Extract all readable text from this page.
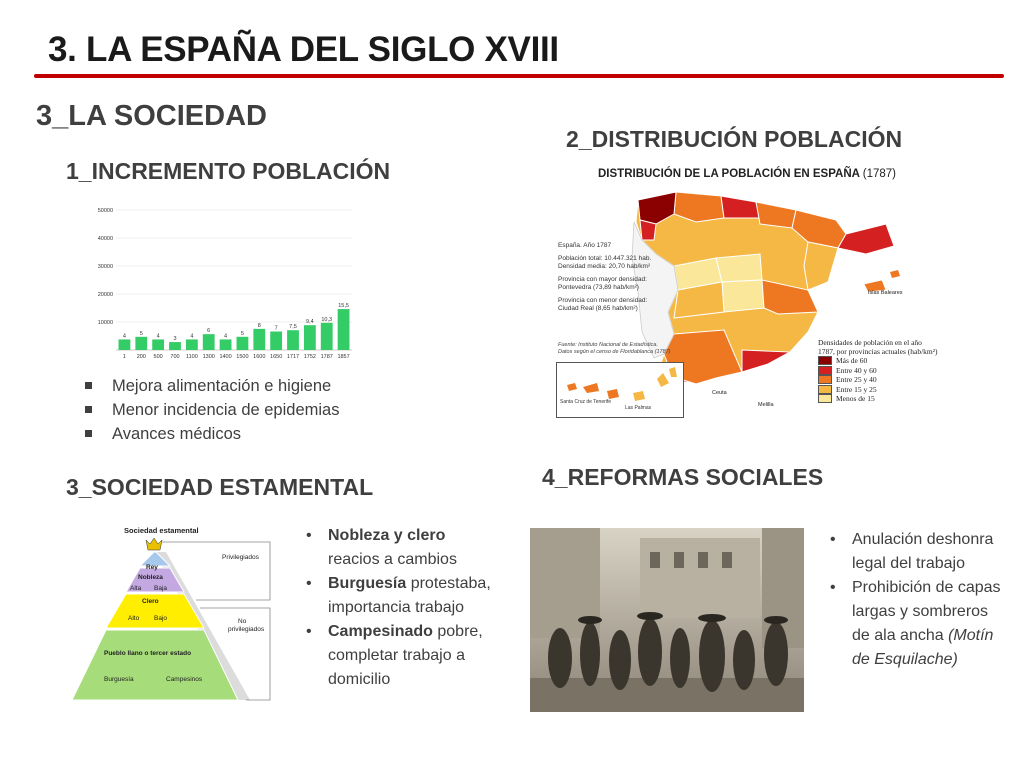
3. LA ESPAÑA DEL SIGLO XVIII
3_LA SOCIEDAD
1_INCREMENTO POBLACIÓN
2_DISTRIBUCIÓN POBLACIÓN
3_SOCIEDAD ESTAMENTAL	4_REFORMAS SOCIALES
50000
40000
30000
20000
10000
4
1
5
200
4
500
3
700
4
1100
6
1300
4
1400
5
1500
8
1600
7
1650
7,5
1717
9,4
1752
10,3
1787
15,5
1857
Mejora alimentación e higiene
Menor incidencia de epidemias
Avances médicos
DISTRIBUCIÓN DE LA POBLACIÓN EN ESPAÑA (1787)

España. Año 1787

Población total: 10.447.321 hab.

Densidad media: 20,70 hab/km²

Provincia con mayor densidad:

Pontevedra (73,89 hab/km²)

Provincia con menor densidad:

Ciudad Real (8,65 hab/km²)

Fuente: Instituto Nacional de Estadística.
Datos según el censo de Floridablanca (1787)
Islas Baleares
Ceuta
Melilla
Densidades de población en el año 1787, por provincias actuales (hab/km²)
Más de 60
Entre 40 y 60
Entre 25 y 40
Entre 15 y 25
Menos de 15
Santa Cruz de Tenerife
Las Palmas
Sociedad estamental
Rey
Nobleza
Alta Baja
Clero
Alto Bajo
Pueblo llano o tercer estado
Burguesía	Campesinos
Privilegiados
No
privilegiados
• Nobleza y clero reacios a cambios
• Burguesía protestaba, importancia trabajo
• Campesinado pobre, completar trabajo a domicilio
• Anulación deshonra legal del trabajo
• Prohibición de capas largas y sombreros de ala ancha (Motín de Esquilache)
